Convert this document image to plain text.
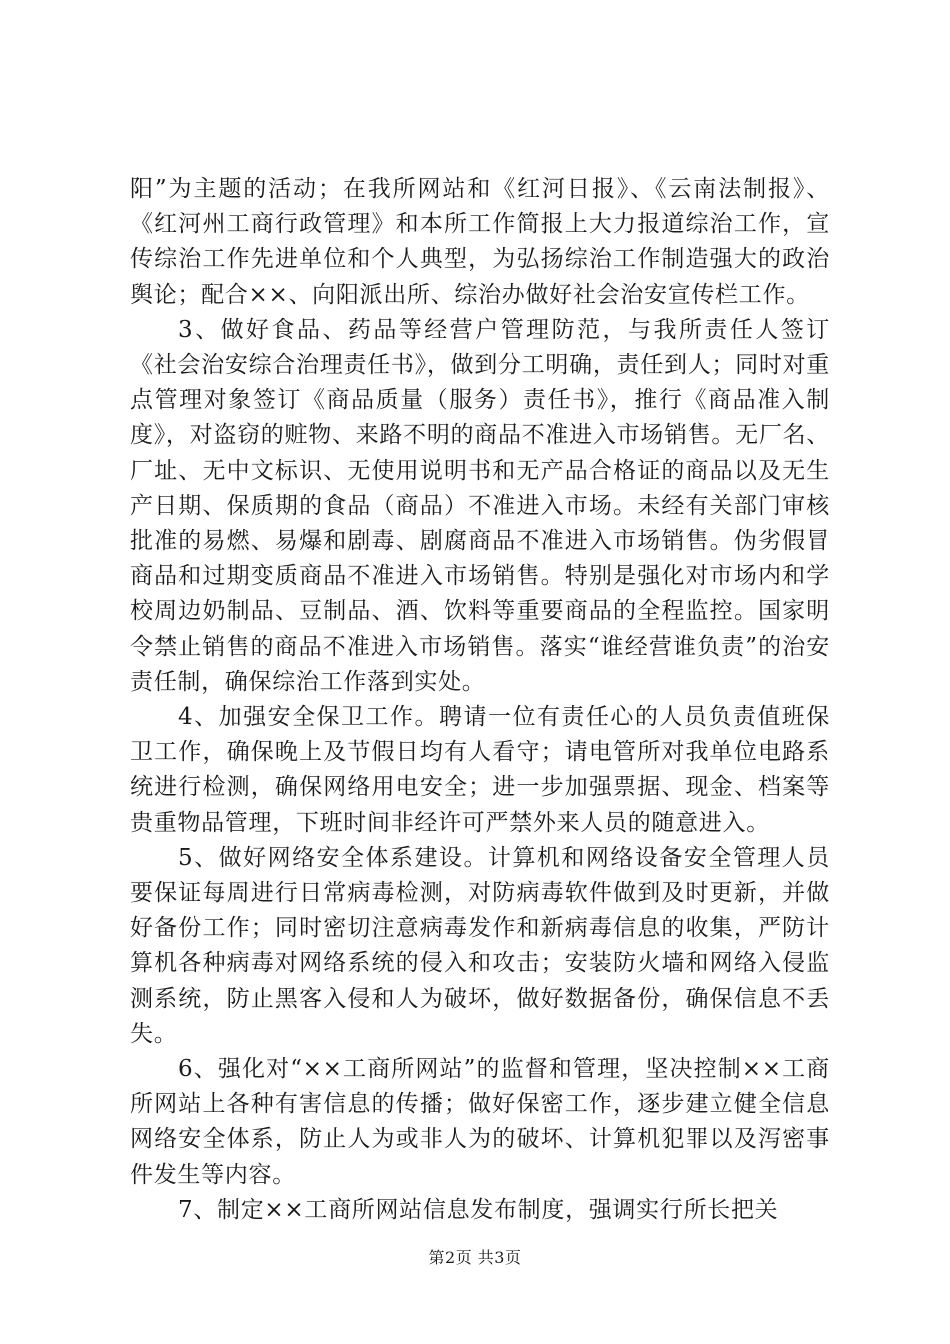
阳”为主题的活动；在我所网站和《红河日报》、《云南法制报》、《红河州工商行政管理》和本所工作简报上大力报道综治工作，宣传综治工作先进单位和个人典型，为弘扬综治工作制造强大的政治舆论；配合××、向阳派出所、综治办做好社会治安宣传栏工作。

3、做好食品、药品等经营户管理防范，与我所责任人签订《社会治安综合治理责任书》，做到分工明确，责任到人；同时对重点管理对象签订《商品质量（服务）责任书》，推行《商品准入制度》，对盗窃的赃物、来路不明的商品不准进入市场销售。无厂名、厂址、无中文标识、无使用说明书和无产品合格证的商品以及无生产日期、保质期的食品（商品）不准进入市场。未经有关部门审核批准的易燃、易爆和剧毒、剧腐商品不准进入市场销售。伪劣假冒商品和过期变质商品不准进入市场销售。特别是强化对市场内和学校周边奶制品、豆制品、酒、饮料等重要商品的全程监控。国家明令禁止销售的商品不准进入市场销售。落实“谁经营谁负责”的治安责任制，确保综治工作落到实处。

4、加强安全保卫工作。聘请一位有责任心的人员负责值班保卫工作，确保晚上及节假日均有人看守；请电管所对我单位电路系统进行检测，确保网络用电安全；进一步加强票据、现金、档案等贵重物品管理，下班时间非经许可严禁外来人员的随意进入。

5、做好网络安全体系建设。计算机和网络设备安全管理人员要保证每周进行日常病毒检测，对防病毒软件做到及时更新，并做好备份工作；同时密切注意病毒发作和新病毒信息的收集，严防计算机各种病毒对网络系统的侵入和攻击；安装防火墙和网络入侵监测系统，防止黑客入侵和人为破坏，做好数据备份，确保信息不丢失。

6、强化对“××工商所网站”的监督和管理，坚决控制××工商所网站上各种有害信息的传播；做好保密工作，逐步建立健全信息网络安全体系，防止人为或非人为的破坏、计算机犯罪以及泻密事件发生等内容。

7、制定××工商所网站信息发布制度，强调实行所长把关

第2页 共3页
